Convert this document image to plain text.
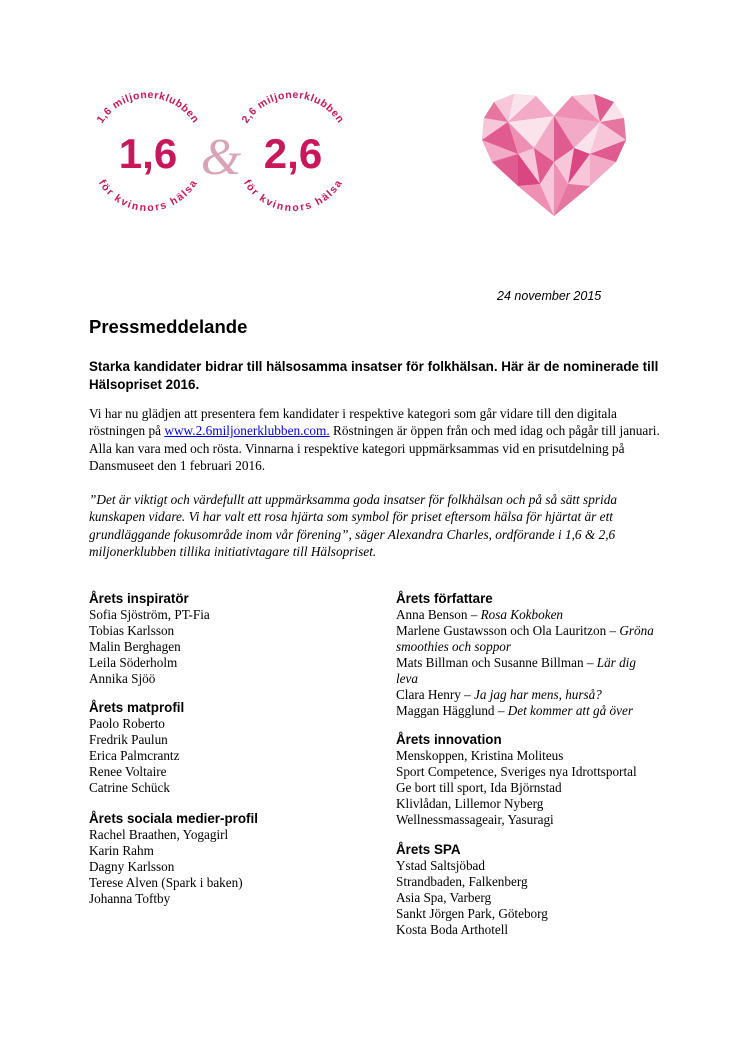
1,6 miljonerklubben
för kvinnors hälsa
2,6 miljonerklubben
för kvinnors hälsa
1,6 & 2,6
24 november 2015
Pressmeddelande

Starka kandidater bidrar till hälsosamma insatser för folkhälsan. Här är de nominerade till Hälsopriset 2016.

Vi har nu glädjen att presentera fem kandidater i respektive kategori som går vidare till den digitala röstningen på www.2.6miljonerklubben.com. Röstningen är öppen från och med idag och pågår till januari. Alla kan vara med och rösta. Vinnarna i respektive kategori uppmärksammas vid en prisutdelning på Dansmuseet den 1 februari 2016.

”Det är viktigt och värdefullt att uppmärksamma goda insatser för folkhälsan och på så sätt sprida kunskapen vidare. Vi har valt ett rosa hjärta som symbol för priset eftersom hälsa för hjärtat är ett grundläggande fokusområde inom vår förening”, säger Alexandra Charles, ordförande i 1,6 & 2,6 miljonerklubben tillika initiativtagare till Hälsopriset.

Årets inspiratör
Sofia Sjöström, PT-Fia
Tobias Karlsson
Malin Berghagen
Leila Söderholm
Annika Sjöö
Årets matprofil
Paolo Roberto
Fredrik Paulun
Erica Palmcrantz
Renee Voltaire
Catrine Schück
Årets sociala medier-profil
Rachel Braathen, Yogagirl
Karin Rahm
Dagny Karlsson
Terese Alven (Spark i baken)
Johanna Toftby
Årets författare
Anna Benson – Rosa Kokboken
Marlene Gustawsson och Ola Lauritzon – Gröna smoothies och soppor
Mats Billman och Susanne Billman – Lär dig leva
Clara Henry – Ja jag har mens, hurså?
Maggan Hägglund – Det kommer att gå över
Årets innovation
Menskoppen, Kristina Moliteus
Sport Competence, Sveriges nya Idrottsportal
Ge bort till sport, Ida Björnstad
Klivlådan, Lillemor Nyberg
Wellnessmassageair, Yasuragi
Årets SPA
Ystad Saltsjöbad
Strandbaden, Falkenberg
Asia Spa, Varberg
Sankt Jörgen Park, Göteborg
Kosta Boda Arthotell
